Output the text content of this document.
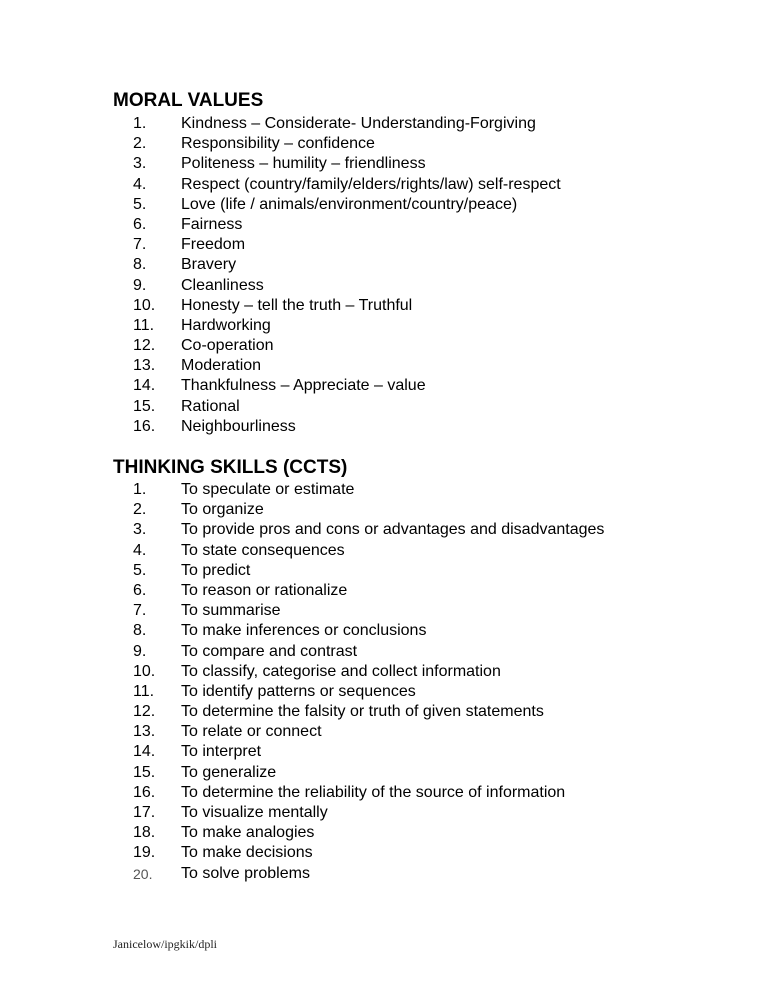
MORAL VALUES
1. Kindness – Considerate- Understanding-Forgiving
2. Responsibility – confidence
3. Politeness – humility – friendliness
4. Respect (country/family/elders/rights/law) self-respect
5. Love (life / animals/environment/country/peace)
6. Fairness
7. Freedom
8. Bravery
9. Cleanliness
10. Honesty – tell the truth – Truthful
11. Hardworking
12. Co-operation
13. Moderation
14. Thankfulness – Appreciate – value
15. Rational
16. Neighbourliness
THINKING SKILLS (CCTS)
1. To speculate or estimate
2. To organize
3. To provide pros and cons or advantages and disadvantages
4. To state consequences
5. To predict
6. To reason or rationalize
7. To summarise
8. To make inferences or conclusions
9. To compare and contrast
10. To classify, categorise and collect information
11. To identify patterns or sequences
12. To determine the falsity or truth of given statements
13. To relate or connect
14. To interpret
15. To generalize
16. To determine the reliability of the source of information
17. To visualize mentally
18. To make analogies
19. To make decisions
20. To solve problems
Janicelow/ipgkik/dpli
